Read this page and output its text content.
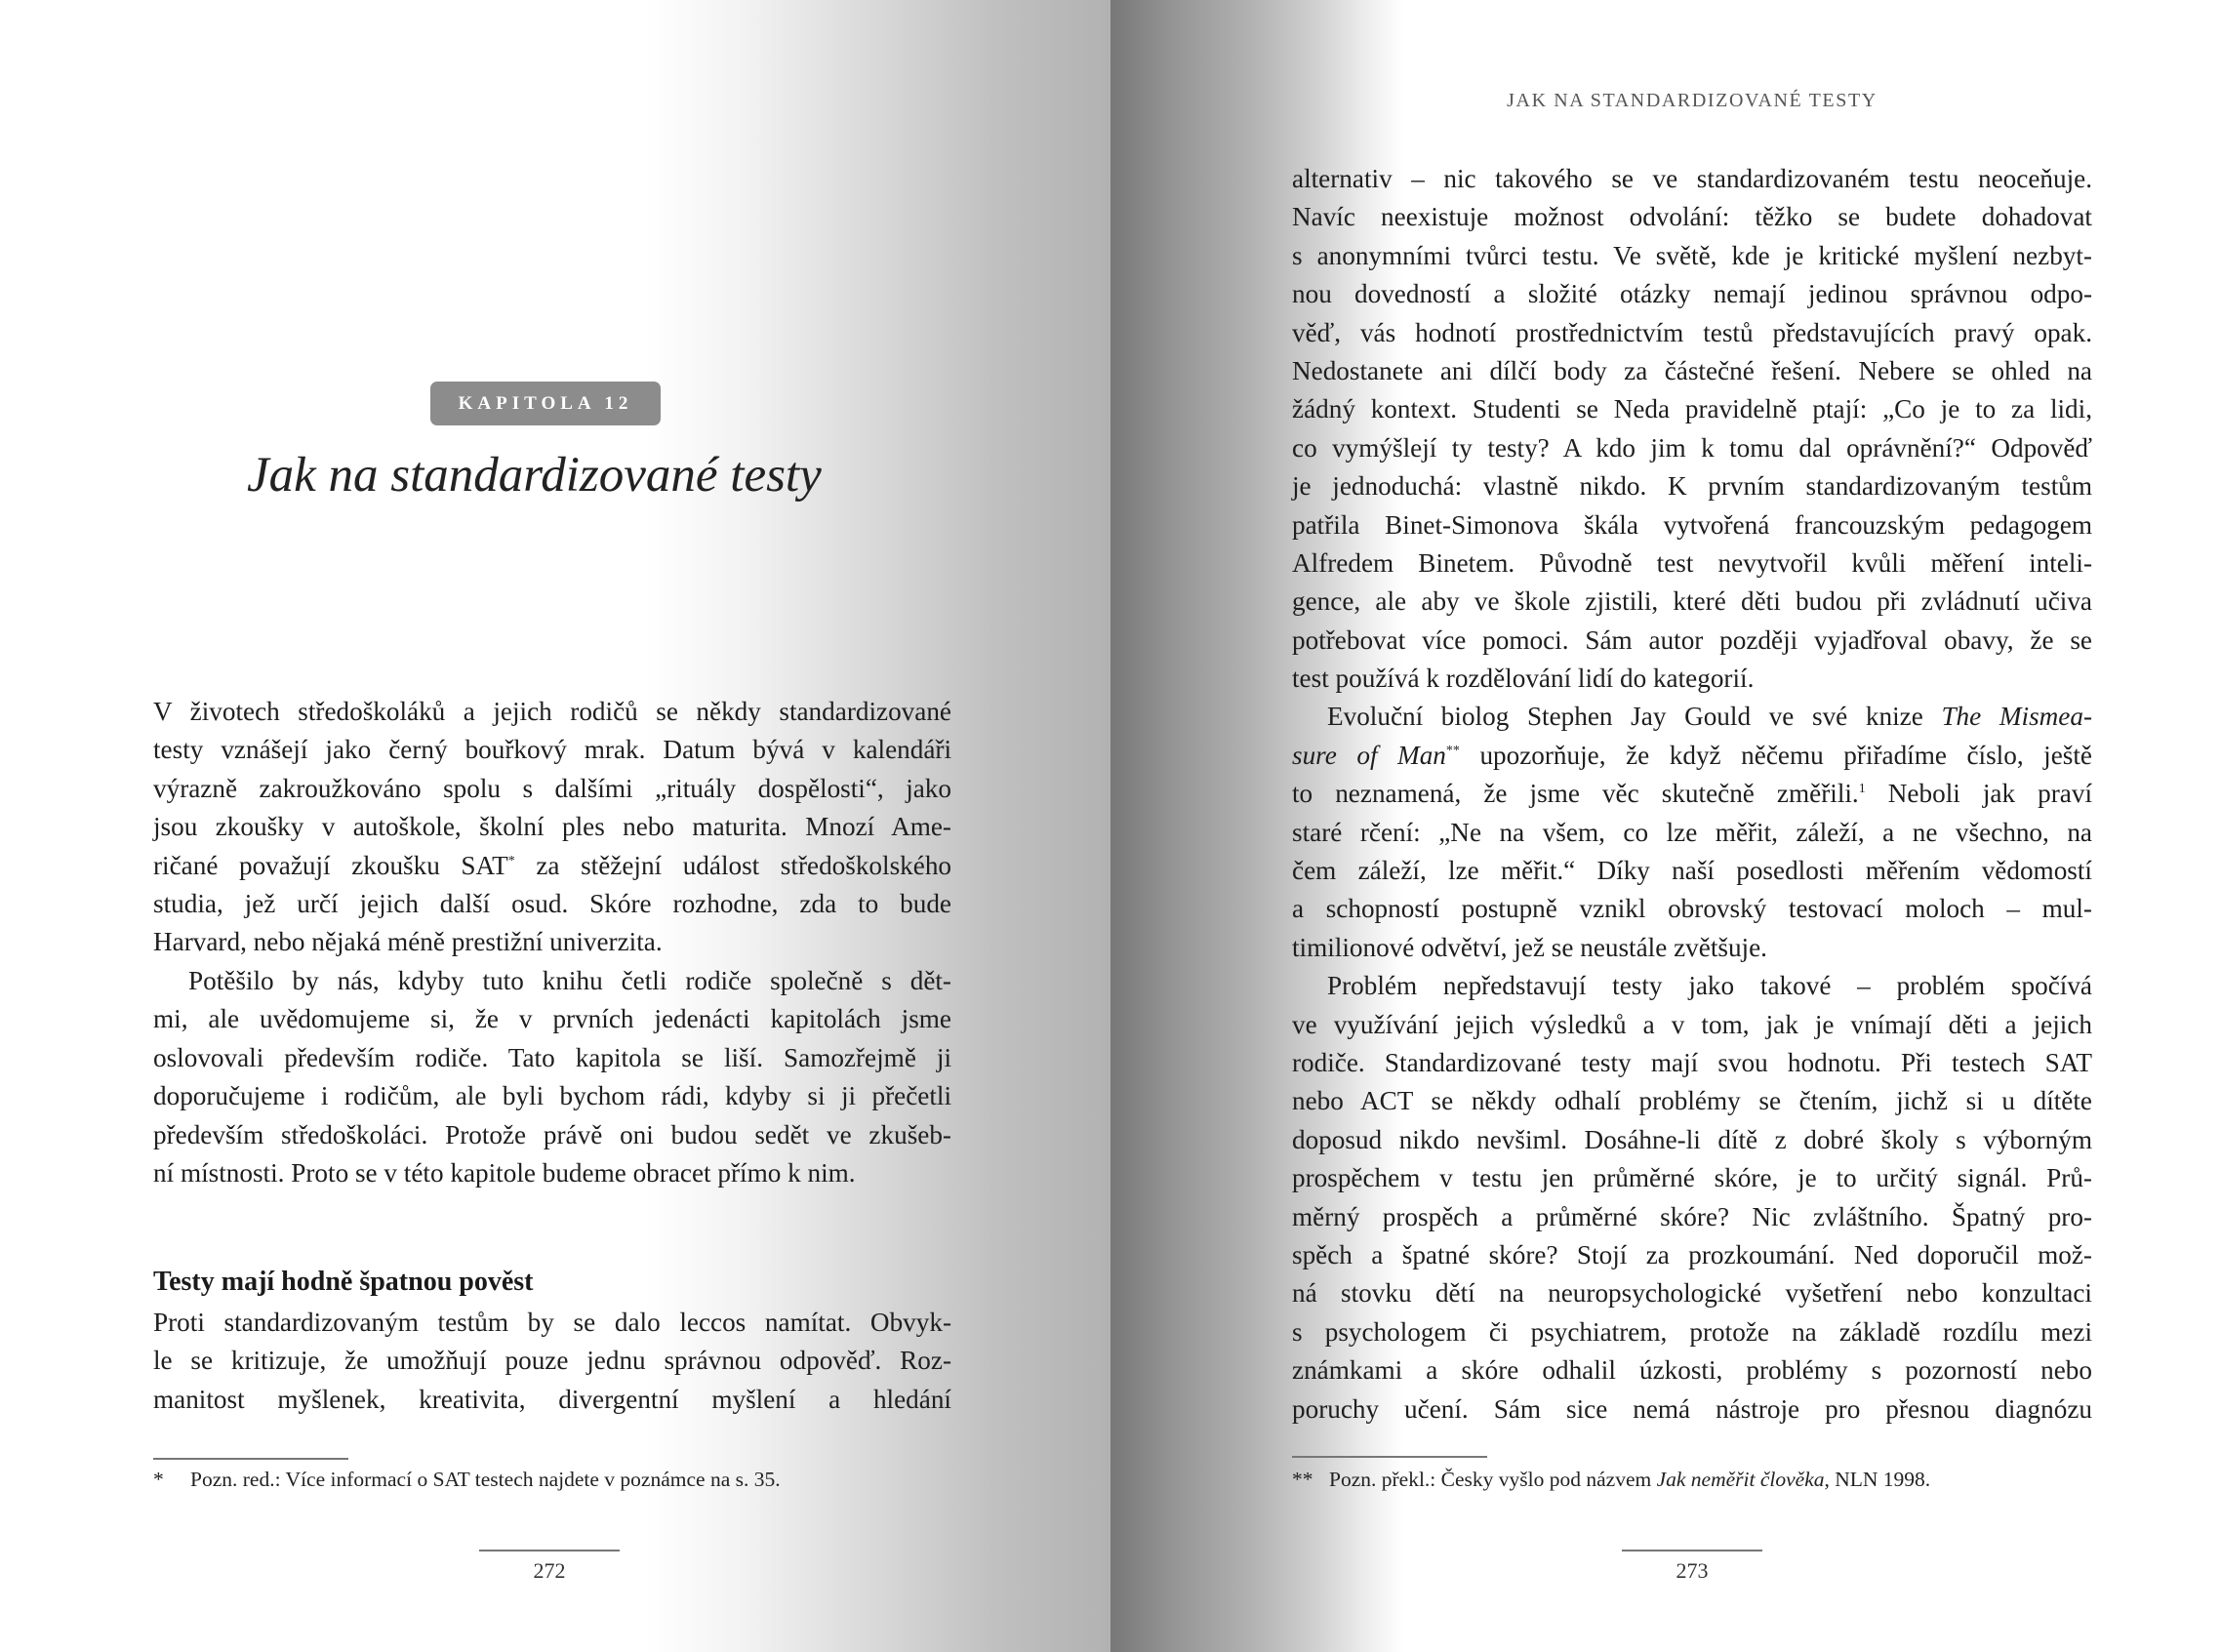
KAPITOLA 12
Jak na standardizované testy
V životech středoškoláků a jejich rodičů se někdy standardizované
testy vznášejí jako černý bouřkový mrak. Datum bývá v kalendáři
výrazně zakroužkováno spolu s dalšími „rituály dospělosti“, jako
jsou zkoušky v autoškole, školní ples nebo maturita. Mnozí Ame-
ričané považují zkoušku SAT* za stěžejní událost středoškolského
studia, jež určí jejich další osud. Skóre rozhodne, zda to bude
Harvard, nebo nějaká méně prestižní univerzita.
Potěšilo by nás, kdyby tuto knihu četli rodiče společně s dět-
mi, ale uvědomujeme si, že v prvních jedenácti kapitolách jsme
oslovovali především rodiče. Tato kapitola se liší. Samozřejmě ji
doporučujeme i rodičům, ale byli bychom rádi, kdyby si ji přečetli
především středoškoláci. Protože právě oni budou sedět ve zkušeb-
ní místnosti. Proto se v této kapitole budeme obracet přímo k nim.
Testy mají hodně špatnou pověst
Proti standardizovaným testům by se dalo leccos namítat. Obvyk-
le se kritizuje, že umožňují pouze jednu správnou odpověď. Roz-
manitost myšlenek, kreativita, divergentní myšlení a hledání
* Pozn. red.: Více informací o SAT testech najdete v poznámce na s. 35.
272
JAK NA STANDARDIZOVANÉ TESTY
alternativ – nic takového se ve standardizovaném testu neoceňuje.
Navíc neexistuje možnost odvolání: těžko se budete dohadovat
s anonymními tvůrci testu. Ve světě, kde je kritické myšlení nezbyt-
nou dovedností a složité otázky nemají jedinou správnou odpo-
věď, vás hodnotí prostřednictvím testů představujících pravý opak.
Nedostanete ani dílčí body za částečné řešení. Nebere se ohled na
žádný kontext. Studenti se Neda pravidelně ptají: „Co je to za lidi,
co vymýšlejí ty testy? A kdo jim k tomu dal oprávnění?“ Odpověď
je jednoduchá: vlastně nikdo. K prvním standardizovaným testům
patřila Binet-Simonova škála vytvořená francouzským pedagogem
Alfredem Binetem. Původně test nevytvořil kvůli měření inteli-
gence, ale aby ve škole zjistili, které děti budou při zvládnutí učiva
potřebovat více pomoci. Sám autor později vyjadřoval obavy, že se
test používá k rozdělování lidí do kategorií.
Evoluční biolog Stephen Jay Gould ve své knize The Mismea-
sure of Man** upozorňuje, že když něčemu přiřadíme číslo, ještě
to neznamená, že jsme věc skutečně změřili.$^1$ Neboli jak praví
staré rčení: „Ne na všem, co lze měřit, záleží, a ne všechno, na
čem záleží, lze měřit.“ Díky naší posedlosti měřením vědomostí
a schopností postupně vznikl obrovský testovací moloch – mul-
timilionové odvětví, jež se neustále zvětšuje.
Problém nepředstavují testy jako takové – problém spočívá
ve využívání jejich výsledků a v tom, jak je vnímají děti a jejich
rodiče. Standardizované testy mají svou hodnotu. Při testech SAT
nebo ACT se někdy odhalí problémy se čtením, jichž si u dítěte
doposud nikdo nevšiml. Dosáhne-li dítě z dobré školy s výborným
prospěchem v testu jen průměrné skóre, je to určitý signál. Prů-
měrný prospěch a průměrné skóre? Nic zvláštního. Špatný pro-
spěch a špatné skóre? Stojí za prozkoumání. Ned doporučil mož-
ná stovku dětí na neuropsychologické vyšetření nebo konzultaci
s psychologem či psychiatrem, protože na základě rozdílu mezi
známkami a skóre odhalil úzkosti, problémy s pozorností nebo
poruchy učení. Sám sice nemá nástroje pro přesnou diagnózu
** Pozn. překl.: Česky vyšlo pod názvem Jak neměřit člověka, NLN 1998.
273
